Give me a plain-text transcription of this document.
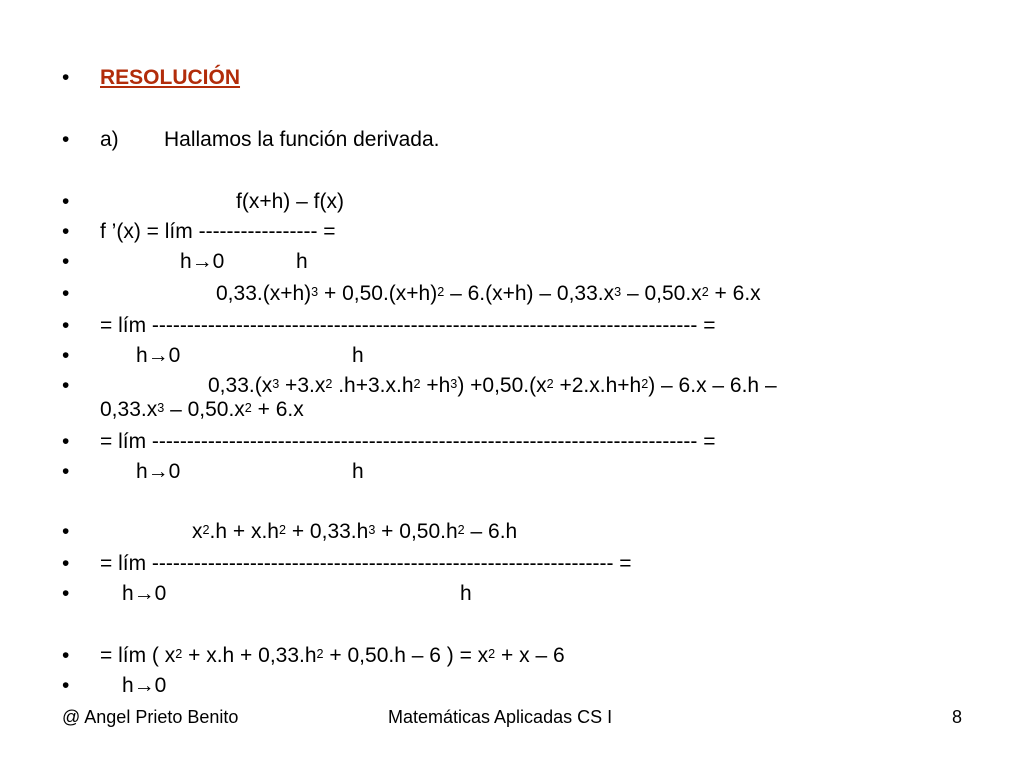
• RESOLUCIÓN
• a) Hallamos la función derivada.
•	f(x+h) – f(x)
• f ’(x) = lím ----------------- =
•	h→0	h
•	$0,33.(x+h)^3 + 0,50.(x+h)^2 - 6.(x+h) - 0,33.x^3 - 0,50.x^2 + 6.x$
• = lím ------------------------------------------------------------------------------ =
•	h→0	h
•	$0,33.(x^3 +3.x^2$ $.h+3.x.h^2 +h^3) +0,50.(x^2 +2.x.h+h^2) - 6.x - 6.h$ –
$0,33.x^3 - 0,50.x^2 + 6.x$
• = lím ------------------------------------------------------------------------------ =
•	h→0	h
•	$x^2.h + x.h^2 + 0,33.h^3 + 0,50.h^2 - 6.h$
• = lím ------------------------------------------------------------------ =
•	h→0	h
• = lím ( $x^2 + x.h + 0,33.h^2 + 0,50.h - 6$ ) = $x^2 + x - 6$
•	h→0
@ Angel Prieto Benito	Matemáticas Aplicadas CS I	8
